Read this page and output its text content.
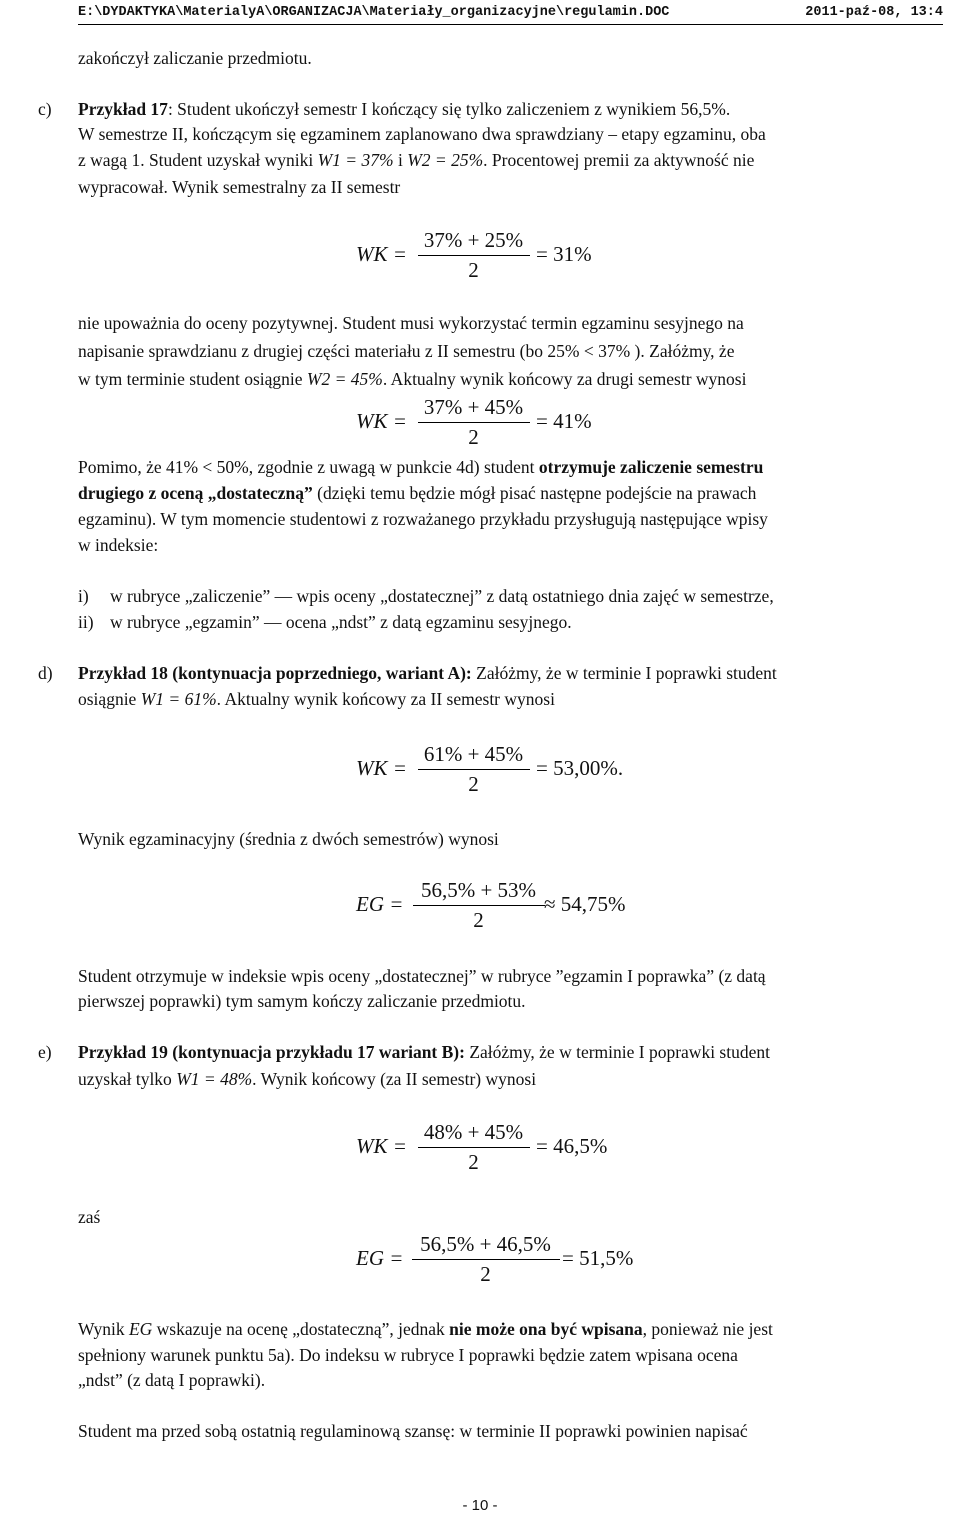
E:\DYDAKTYKA\MaterialyA\ORGANIZACJA\Materiały_organizacyjne\regulamin.DOC	2011-paź-08, 13:4
zakończył zaliczanie przedmiotu.
c) Przykład 17: Student ukończył semestr I kończący się tylko zaliczeniem z wynikiem 56,5%.
W semestrze II, kończącym się egzaminem zaplanowano dwa sprawdziany – etapy egzaminu, oba
z wagą 1. Student uzyskał wyniki W1 = 37% i W2 = 25%. Procentowej premii za aktywność nie
wypracował. Wynik semestralny za II semestr
WK =
37% + 25%
2
= 31%
nie upoważnia do oceny pozytywnej. Student musi wykorzystać termin egzaminu sesyjnego na
napisanie sprawdzianu z drugiej części materiału z II semestru (bo 25% < 37% ). Załóżmy, że
w tym terminie student osiągnie W2 = 45%. Aktualny wynik końcowy za drugi semestr wynosi
WK =
37% + 45%
2
= 41%
Pomimo, że 41% < 50%, zgodnie z uwagą w punkcie 4d) student otrzymuje zaliczenie semestru
drugiego z oceną „dostateczną” (dzięki temu będzie mógł pisać następne podejście na prawach
egzaminu). W tym momencie studentowi z rozważanego przykładu przysługują następujące wpisy
w indeksie:
i) w rubryce „zaliczenie” — wpis oceny „dostatecznej” z datą ostatniego dnia zajęć w semestrze,
ii) w rubryce „egzamin” — ocena „ndst” z datą egzaminu sesyjnego.
d) Przykład 18 (kontynuacja poprzedniego, wariant A): Załóżmy, że w terminie I poprawki student
osiągnie W1 = 61%. Aktualny wynik końcowy za II semestr wynosi
WK =
61% + 45%
2
= 53,00%.
Wynik egzaminacyjny (średnia z dwóch semestrów) wynosi
EG =
56,5% + 53%
2
≈ 54,75%
Student otrzymuje w indeksie wpis oceny „dostatecznej” w rubryce ”egzamin I poprawka” (z datą
pierwszej poprawki) tym samym kończy zaliczanie przedmiotu.
e) Przykład 19 (kontynuacja przykładu 17 wariant B): Załóżmy, że w terminie I poprawki student
uzyskał tylko W1 = 48%. Wynik końcowy (za II semestr) wynosi
WK =
48% + 45%
2
= 46,5%
zaś
EG =
56,5% + 46,5%
2
= 51,5%
Wynik EG wskazuje na ocenę „dostateczną”, jednak nie może ona być wpisana, ponieważ nie jest
spełniony warunek punktu 5a). Do indeksu w rubryce I poprawki będzie zatem wpisana ocena
„ndst” (z datą I poprawki).
Student ma przed sobą ostatnią regulaminową szansę: w terminie II poprawki powinien napisać
- 10 -
